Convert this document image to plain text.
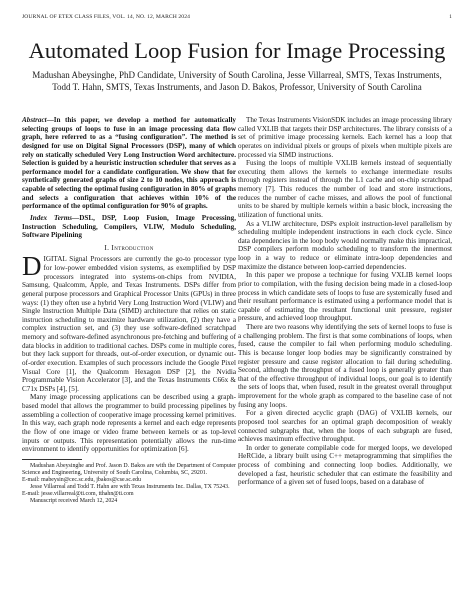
JOURNAL OF ETEX CLASS FILES, VOL. 14, NO. 12, MARCH 2024	1
Automated Loop Fusion for Image Processing
Madushan Abeysinghe, PhD Candidate, University of South Carolina, Jesse Villarreal, SMTS, Texas Instruments, Todd T. Hahn, SMTS, Texas Instruments, and Jason D. Bakos, Professor, University of South Carolina

Abstract—In this paper, we develop a method for automatically selecting groups of loops to fuse in an image processing data flow graph, here referred to as a “fusing configuration”. The method is designed for use on Digital Signal Processors (DSP), many of which rely on statically scheduled Very Long Instruction Word architecture. Selection is guided by a heuristic instruction scheduler that serves as a performance model for a candidate configuration. We show that for synthetically generated graphs of size 2 to 10 nodes, this approach is capable of selecting the optimal fusing configuration in 80% of graphs and selects a configuration that achieves within 10% of the performance of the optimal configuration for 90% of graphs.

Index Terms—DSL, DSP, Loop Fusion, Image Processing, Instruction Scheduling, Compilers, VLIW, Modulo Scheduling, Software Pipelining

I. Introduction

DIGITAL Signal Processors are currently the go-to processor type for low-power embedded vision systems, as exemplified by DSP processors integrated into systems-on-chips from NVIDIA, Samsung, Qualcomm, Apple, and Texas Instruments. DSPs differ from general purpose processors and Graphical Processor Units (GPUs) in three ways: (1) they often use a hybrid Very Long Instruction Word (VLIW) and Single Instruction Multiple Data (SIMD) architecture that relies on static instruction scheduling to maximize hardware utilization, (2) they have a complex instruction set, and (3) they use software-defined scratchpad memory and software-defined asynchronous pre-fetching and buffering of data blocks in addition to traditional caches. DSPs come in multiple cores, but they lack support for threads, out-of-order execution, or dynamic out-of-order execution. Examples of such processors include the Google Pixel Visual Core [1], the Qualcomm Hexagon DSP [2], the Nvidia Programmable Vision Accelerator [3], and the Texas Instruments C66x & C71x DSPs [4], [5].

Many image processing applications can be described using a graph-based model that allows the programmer to build processing pipelines by assembling a collection of cooperative image processing kernel primitives. In this way, each graph node represents a kernel and each edge represents the flow of one image or video frame between kernels or as top-level inputs or outputs. This representation potentially allows the run-time environment to identify opportunities for optimization [6].

Madushan Abeysinghe and Prof. Jason D. Bakos are with the Department of Computer Science and Engineering, University of South Carolina, Columbia, SC, 29201.

E-mail: mabeysin@cec.sc.edu, jbakos@cse.sc.edu

Jesse Villarreal and Todd T. Hahn are with Texas Instruments Inc. Dallas, TX 75243.

E-mail: jesse.villarreal@ti.com, tthahn@ti.com

Manuscript received March 12, 2024

The Texas Instruments VisionSDK includes an image processing library called VXLIB that targets their DSP architectures. The library consists of a set of primitive image processing kernels. Each kernel has a loop that operates on individual pixels or groups of pixels when multiple pixels are processed via SIMD instructions.

Fusing the loops of multiple VXLIB kernels instead of sequentially executing them allows the kernels to exchange intermediate results through registers instead of through the L1 cache and on-chip scratchpad memory [7]. This reduces the number of load and store instructions, reduces the number of cache misses, and allows the pool of functional units to be shared by multiple kernels within a basic block, increasing the utilization of functional units.

As a VLIW architecture, DSPs exploit instruction-level parallelism by scheduling multiple independent instructions in each clock cycle. Since data dependencies in the loop body would normally make this impractical, DSP compilers perform modulo scheduling to transform the innermost loop in a way to reduce or eliminate intra-loop dependencies and maximize the distance between loop-carried dependencies.

In this paper we propose a technique for fusing VXLIB kernel loops prior to compilation, with the fusing decision being made in a closed-loop process in which candidate sets of loops to fuse are systemically fused and their resultant performance is estimated using a performance model that is capable of estimating the resultant functional unit pressure, register pressure, and achieved loop throughput.

There are two reasons why identifying the sets of kernel loops to fuse is a challenging problem. The first is that some combinations of loops, when fused, cause the compiler to fail when performing modulo scheduling. This is because longer loop bodies may be significantly constrained by register pressure and cause register allocation to fail during scheduling. Second, although the throughput of a fused loop is generally greater than that of the effective throughput of individual loops, our goal is to identify the sets of loops that, when fused, result in the greatest overall throughput improvement for the whole graph as compared to the baseline case of not fusing any loops.

For a given directed acyclic graph (DAG) of VXLIB kernels, our proposed tool searches for an optimal graph decomposition of weakly connected subgraphs that, when the loops of each subgraph are fused, achieves maximum effective throughput.

In order to generate compilable code for merged loops, we developed HeRCide, a library built using C++ metaprogramming that simplifies the process of combining and connecting loop bodies. Additionally, we developed a fast, heuristic scheduler that can estimate the feasibility and performance of a given set of fused loops, based on a database of
